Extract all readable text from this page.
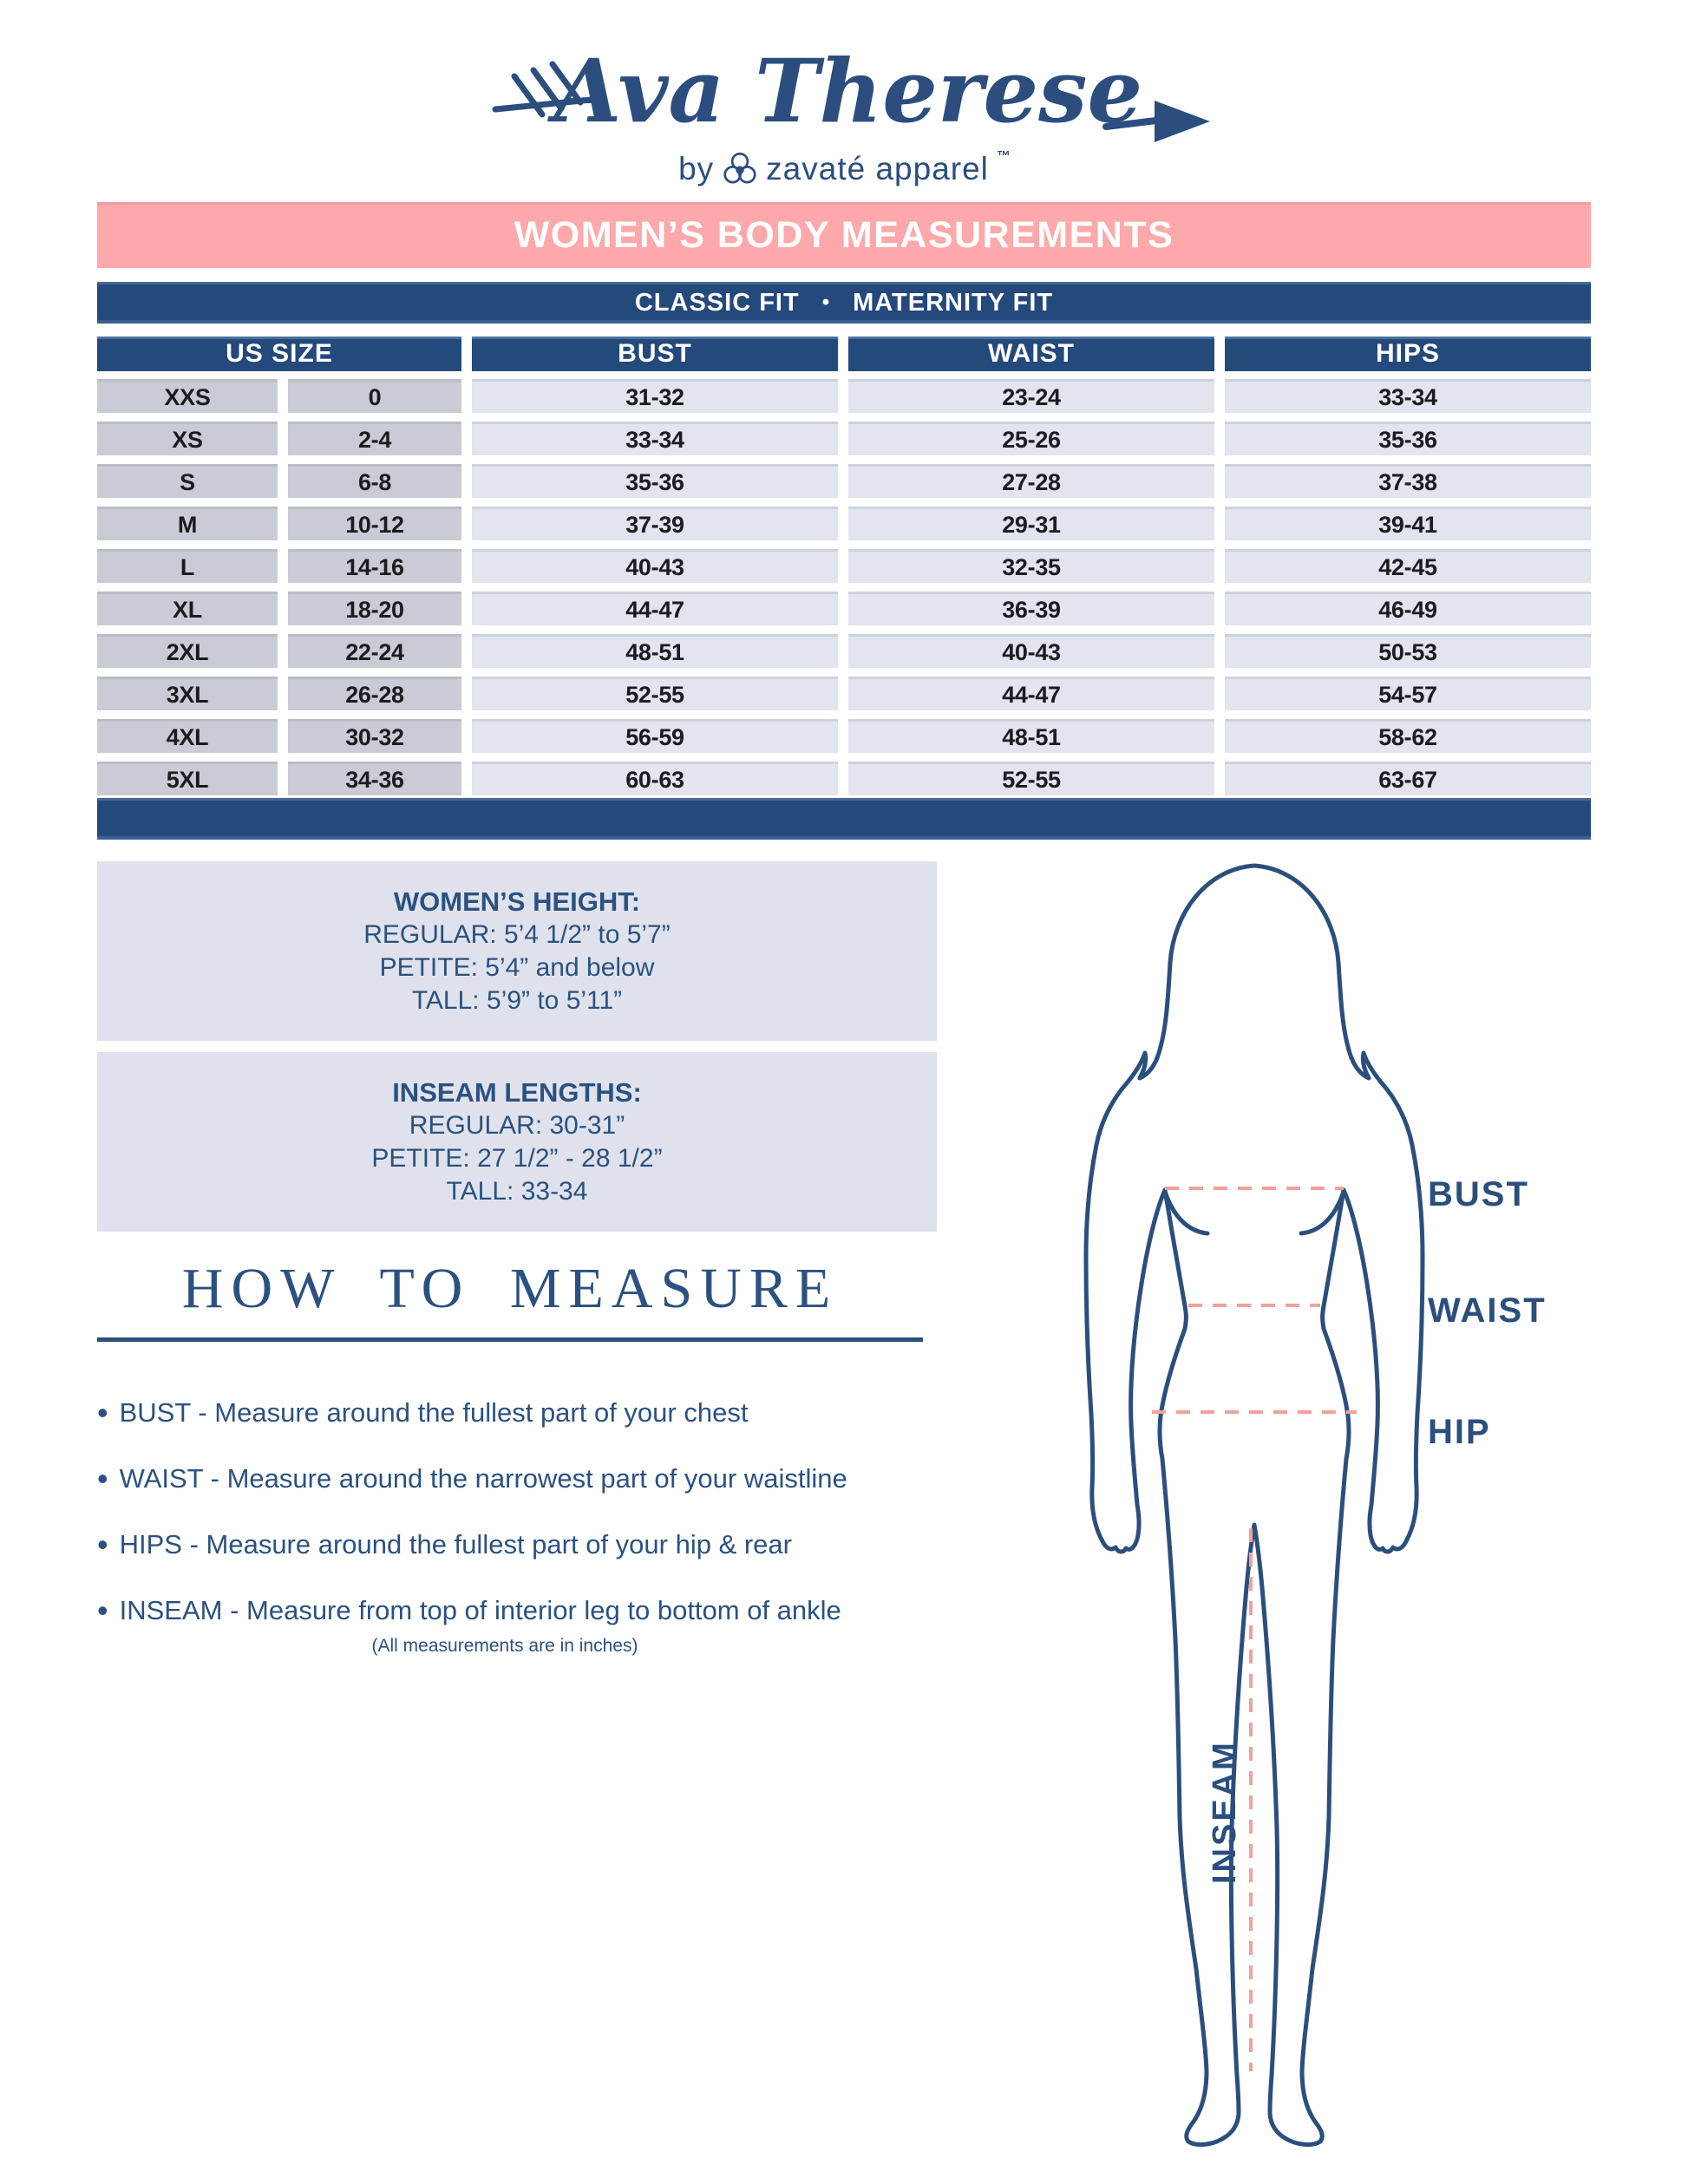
Ava Therese
by zavaté apparel ™
WOMEN’S BODY MEASUREMENTS
CLASSIC FIT • MATERNITY FIT
US SIZE	BUST	WAIST	HIPS
XXS	0	31-32	23-24	33-34
XS	2-4	33-34	25-26	35-36
S	6-8	35-36	27-28	37-38
M	10-12	37-39	29-31	39-41
L	14-16	40-43	32-35	42-45
XL	18-20	44-47	36-39	46-49
2XL	22-24	48-51	40-43	50-53
3XL	26-28	52-55	44-47	54-57
4XL	30-32	56-59	48-51	58-62
5XL	34-36	60-63	52-55	63-67
WOMEN’S HEIGHT:
REGULAR: 5’4 1/2” to 5’7”
PETITE: 5’4” and below
TALL: 5’9” to 5’11”
INSEAM LENGTHS:
REGULAR: 30-31”
PETITE: 27 1/2” - 28 1/2”
TALL: 33-34
HOW TO MEASURE
• BUST - Measure around the fullest part of your chest
• WAIST - Measure around the narrowest part of your waistline
• HIPS - Measure around the fullest part of your hip & rear
• INSEAM - Measure from top of interior leg to bottom of ankle
(All measurements are in inches)
BUST
WAIST
HIP
INSEAM
